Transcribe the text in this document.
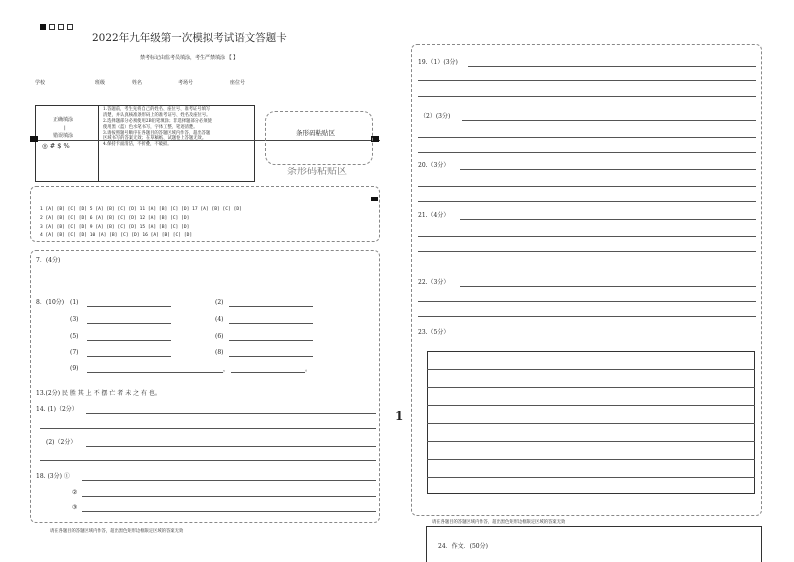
2022年九年级第一次模拟考试语文答题卡
禁考标记由监考员填涂，考生严禁填涂 【 】
学校	班级	姓名	考场号	座位号
正确填涂
|
错误填涂
◎ # $ %
1.答题前，考生先将自己的姓名、座位号、准考证号填写
清楚，并认真核准条形码上的准考证号、姓名及座位号。
2.选择题部分必须使用2B铅笔填涂；非选择题部分必须使
使用黑（蓝）色水笔书写，字体工整、笔迹清楚。
3.请按照题号顺序在各题目的答题区域内作答，超出答题
区域书写的答案无效；在草稿纸、试题卷上答题无效。
4.保持卡面清洁，不折叠，不破损。
条形码粘贴区
条形码粘贴区
1 [A] [B] [C] [D] 5 [A] [B] [C] [D] 11 [A] [B] [C] [D] 17 [A] [B] [C] [D]
2 [A] [B] [C] [D] 6 [A] [B] [C] [D] 12 [A] [B] [C] [D]
3 [A] [B] [C] [D] 9 [A] [B] [C] [D] 15 [A] [B] [C] [D]
4 [A] [B] [C] [D] 10 [A] [B] [C] [D] 16 [A] [B] [C] [D]
7．(4分)
8．(10分) (1)	(2)
(3)	(4)
(5)	(6)
(7)	(8)
(9)	，	。
13.(2分) 民 胜 其 上 不 摆 亡 者 未 之 有 也。
14. (1)（2分）
(2)（2分）
18. (3分) ①
②
③
请在各题目的答题区域内作答，超出黑色矩形边框限定区域的答案无效
1
19.（1）(3分)
（2）(3分)
20.（3分）
21.（4分）
22.（3分）
23.（5分）
请在各题目的答题区域内作答，超出黑色矩形边框限定区域的答案无效
24．作文．(50分)
